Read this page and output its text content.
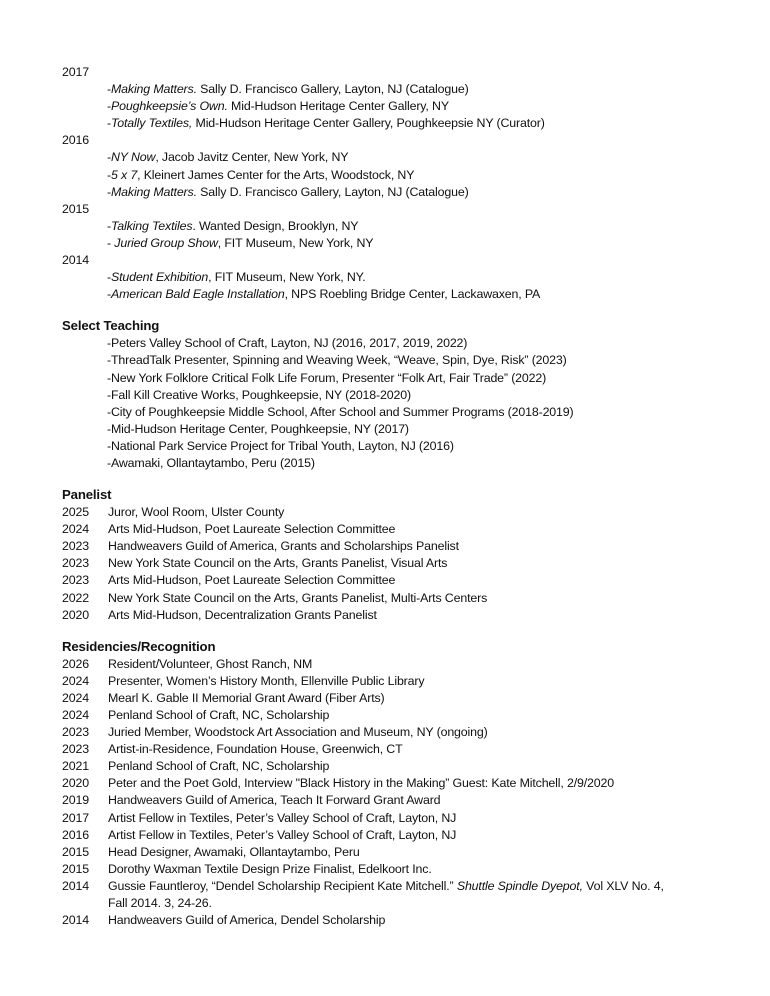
2017
-Making Matters. Sally D. Francisco Gallery, Layton, NJ (Catalogue)
-Poughkeepsie’s Own. Mid-Hudson Heritage Center Gallery, NY
-Totally Textiles, Mid-Hudson Heritage Center Gallery, Poughkeepsie NY (Curator)
2016
-NY Now, Jacob Javitz Center, New York, NY
-5 x 7, Kleinert James Center for the Arts, Woodstock, NY
-Making Matters. Sally D. Francisco Gallery, Layton, NJ (Catalogue)
2015
-Talking Textiles. Wanted Design, Brooklyn, NY
- Juried Group Show, FIT Museum, New York, NY
2014
-Student Exhibition, FIT Museum, New York, NY.
-American Bald Eagle Installation, NPS Roebling Bridge Center, Lackawaxen, PA
Select Teaching
-Peters Valley School of Craft, Layton, NJ (2016, 2017, 2019, 2022)
-ThreadTalk Presenter, Spinning and Weaving Week, “Weave, Spin, Dye, Risk” (2023)
-New York Folklore Critical Folk Life Forum, Presenter “Folk Art, Fair Trade” (2022)
-Fall Kill Creative Works, Poughkeepsie, NY (2018-2020)
-City of Poughkeepsie Middle School, After School and Summer Programs (2018-2019)
-Mid-Hudson Heritage Center, Poughkeepsie, NY (2017)
-National Park Service Project for Tribal Youth, Layton, NJ (2016)
-Awamaki, Ollantaytambo, Peru (2015)
Panelist
2025	Juror, Wool Room, Ulster County
2024	Arts Mid-Hudson, Poet Laureate Selection Committee
2023	Handweavers Guild of America, Grants and Scholarships Panelist
2023	New York State Council on the Arts, Grants Panelist, Visual Arts
2023	Arts Mid-Hudson, Poet Laureate Selection Committee
2022	New York State Council on the Arts, Grants Panelist, Multi-Arts Centers
2020	Arts Mid-Hudson, Decentralization Grants Panelist
Residencies/Recognition
2026	Resident/Volunteer, Ghost Ranch, NM
2024	Presenter, Women’s History Month, Ellenville Public Library
2024	Mearl K. Gable II Memorial Grant Award (Fiber Arts)
2024	Penland School of Craft, NC, Scholarship
2023	Juried Member, Woodstock Art Association and Museum, NY (ongoing)
2023	Artist-in-Residence, Foundation House, Greenwich, CT
2021	Penland School of Craft, NC, Scholarship
2020	Peter and the Poet Gold, Interview "Black History in the Making” Guest: Kate Mitchell, 2/9/2020
2019	Handweavers Guild of America, Teach It Forward Grant Award
2017	Artist Fellow in Textiles, Peter’s Valley School of Craft, Layton, NJ
2016	Artist Fellow in Textiles, Peter’s Valley School of Craft, Layton, NJ
2015	Head Designer, Awamaki, Ollantaytambo, Peru
2015	Dorothy Waxman Textile Design Prize Finalist, Edelkoort Inc.
2014	Gussie Fauntleroy, “Dendel Scholarship Recipient Kate Mitchell.” Shuttle Spindle Dyepot, Vol XLV No. 4,
Fall 2014. 3, 24-26.
2014	Handweavers Guild of America, Dendel Scholarship
